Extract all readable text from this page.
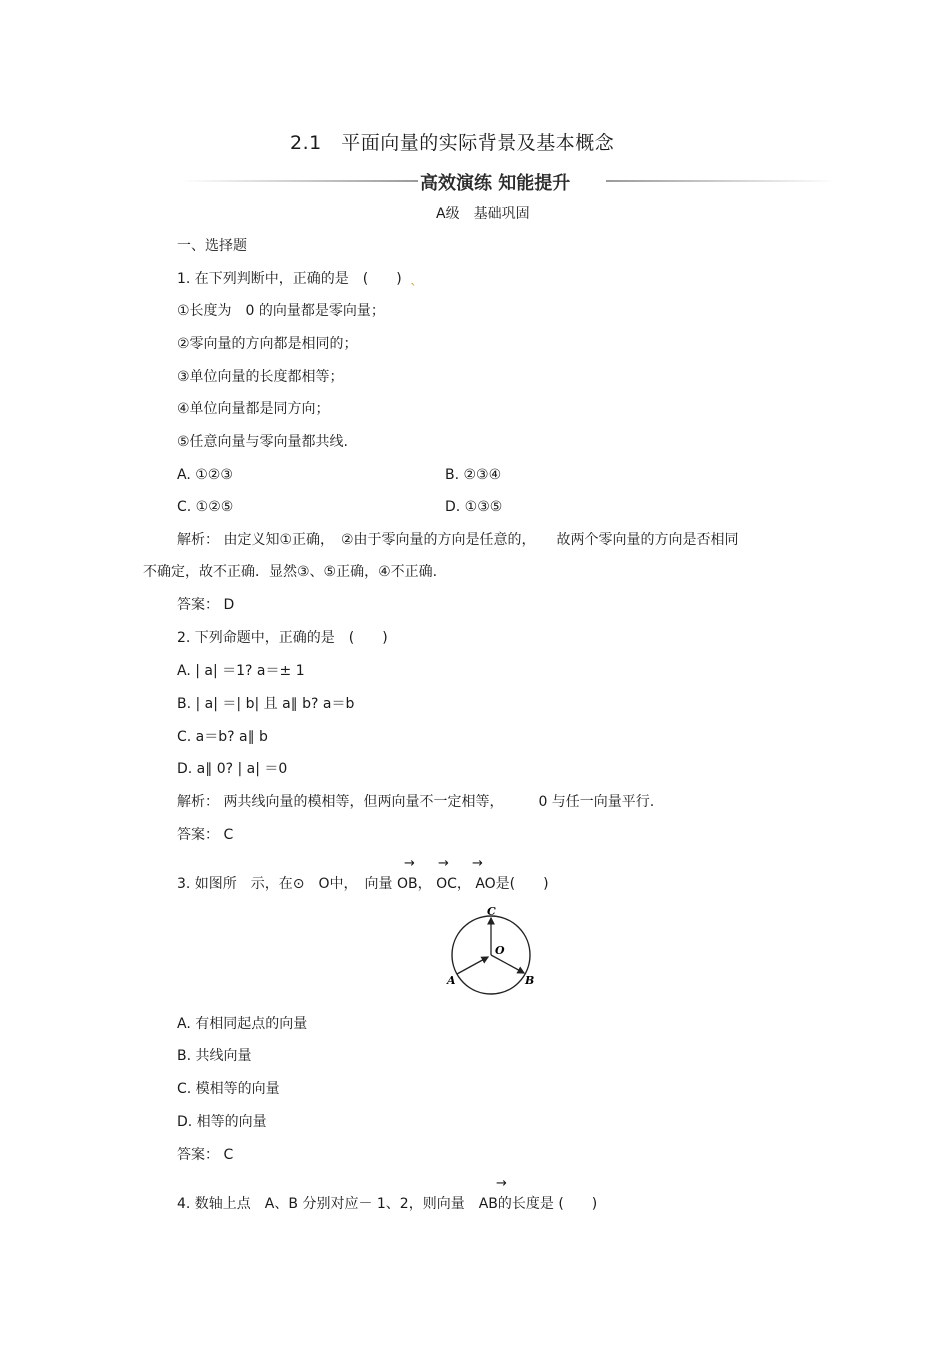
2.1　平面向量的实际背景及基本概念
高效演练 知能提升
A级　基础巩固
一、选择题
1. 在下列判断中，正确的是　(　　) ˎ
①长度为　0 的向量都是零向量；
②零向量的方向都是相同的；
③单位向量的长度都相等；
④单位向量都是同方向；
⑤任意向量与零向量都共线.
A. ①②③	B. ②③④
C. ①②⑤	D. ①③⑤
解析： 由定义知①正确，　②由于零向量的方向是任意的，　　故两个零向量的方向是否相同
不确定，故不正确．显然③、⑤正确，④不正确.
答案： D
2. 下列命题中，正确的是　(　　)
A. | a| ＝1? a＝± 1
B. | a| ＝| b| 且 a∥ b? a＝b
C. a＝b? a∥ b
D. a∥ 0? | a| ＝0
解析： 两共线向量的模相等，但两向量不一定相等，　　　0 与任一向量平行.
答案： C
→ → →
3. 如图所　示，在⊙　O中，　向量 OB， OC， AO是(　　)
C
O
A	B
A. 有相同起点的向量
B. 共线向量
C. 模相等的向量
D. 相等的向量
答案： C
→
4. 数轴上点　A、B 分别对应－ 1、2，则向量　AB的长度是 (　　)
